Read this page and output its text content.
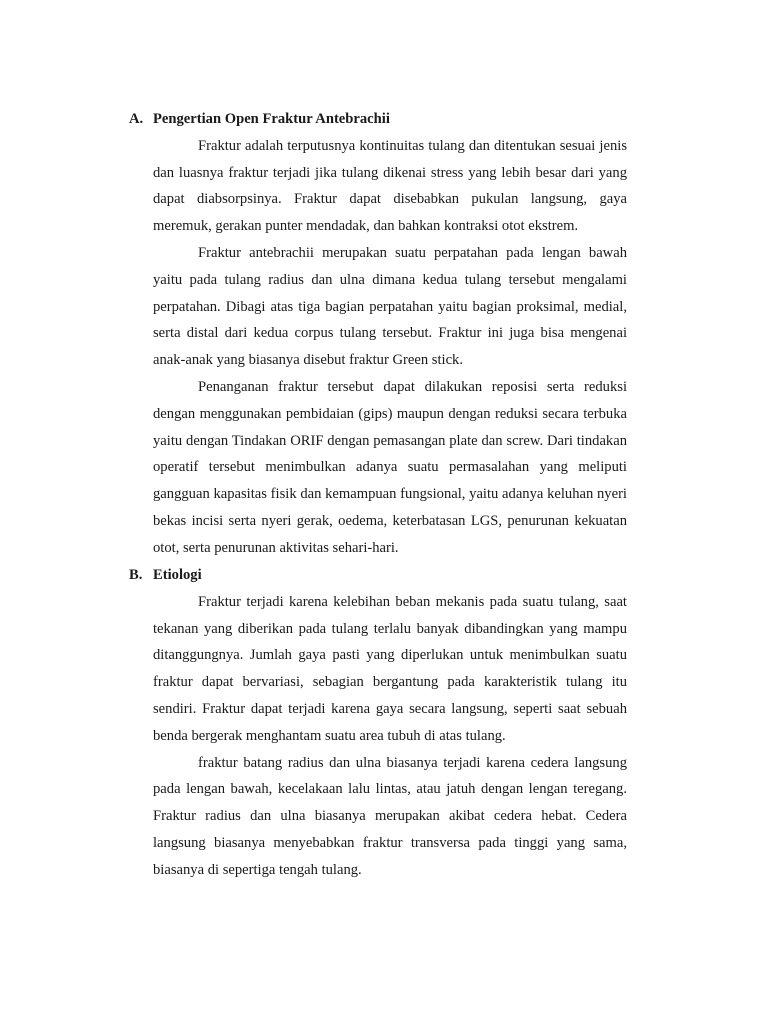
A. Pengertian Open Fraktur Antebrachii

Fraktur adalah terputusnya kontinuitas tulang dan ditentukan sesuai jenis dan luasnya fraktur terjadi jika tulang dikenai stress yang lebih besar dari yang dapat diabsorpsinya. Fraktur dapat disebabkan pukulan langsung, gaya meremuk, gerakan punter mendadak, dan bahkan kontraksi otot ekstrem.

Fraktur antebrachii merupakan suatu perpatahan pada lengan bawah yaitu pada tulang radius dan ulna dimana kedua tulang tersebut mengalami perpatahan. Dibagi atas tiga bagian perpatahan yaitu bagian proksimal, medial, serta distal dari kedua corpus tulang tersebut. Fraktur ini juga bisa mengenai anak-anak yang biasanya disebut fraktur Green stick.

Penanganan fraktur tersebut dapat dilakukan reposisi serta reduksi dengan menggunakan pembidaian (gips) maupun dengan reduksi secara terbuka yaitu dengan Tindakan ORIF dengan pemasangan plate dan screw. Dari tindakan operatif tersebut menimbulkan adanya suatu permasalahan yang meliputi gangguan kapasitas fisik dan kemampuan fungsional, yaitu adanya keluhan nyeri bekas incisi serta nyeri gerak, oedema, keterbatasan LGS, penurunan kekuatan otot, serta penurunan aktivitas sehari-hari.

B. Etiologi

Fraktur terjadi karena kelebihan beban mekanis pada suatu tulang, saat tekanan yang diberikan pada tulang terlalu banyak dibandingkan yang mampu ditanggungnya. Jumlah gaya pasti yang diperlukan untuk menimbulkan suatu fraktur dapat bervariasi, sebagian bergantung pada karakteristik tulang itu sendiri. Fraktur dapat terjadi karena gaya secara langsung, seperti saat sebuah benda bergerak menghantam suatu area tubuh di atas tulang.

fraktur batang radius dan ulna biasanya terjadi karena cedera langsung pada lengan bawah, kecelakaan lalu lintas, atau jatuh dengan lengan teregang. Fraktur radius dan ulna biasanya merupakan akibat cedera hebat. Cedera langsung biasanya menyebabkan fraktur transversa pada tinggi yang sama, biasanya di sepertiga tengah tulang.
